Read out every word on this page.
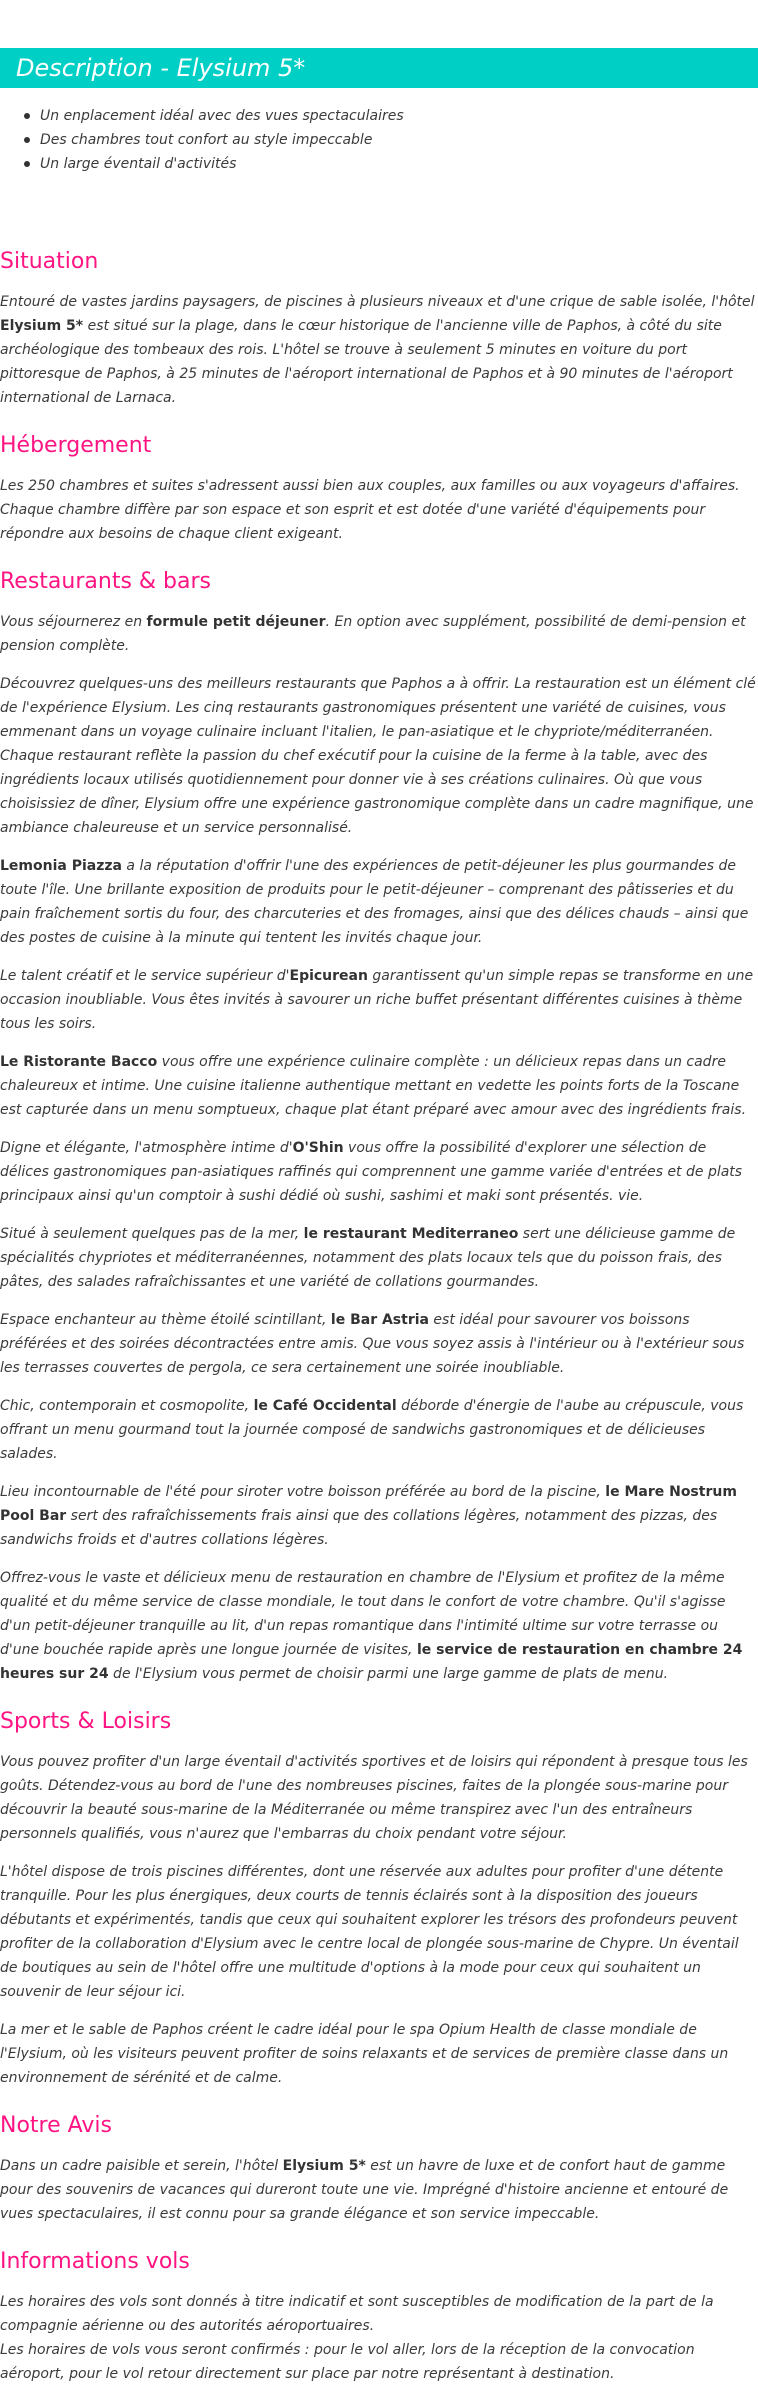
Description - Elysium 5*
Un enplacement idéal avec des vues spectaculaires
Des chambres tout confort au style impeccable
Un large éventail d'activités
Situation

Entouré de vastes jardins paysagers, de piscines à plusieurs niveaux et d'une crique de sable isolée, l'hôtel Elysium 5* est situé sur la plage, dans le cœur historique de l'ancienne ville de Paphos, à côté du site archéologique des tombeaux des rois. L'hôtel se trouve à seulement 5 minutes en voiture du port pittoresque de Paphos, à 25 minutes de l'aéroport international de Paphos et à 90 minutes de l'aéroport international de Larnaca.

Hébergement

Les 250 chambres et suites s'adressent aussi bien aux couples, aux familles ou aux voyageurs d'affaires. Chaque chambre diffère par son espace et son esprit et est dotée d'une variété d'équipements pour répondre aux besoins de chaque client exigeant.

Restaurants & bars

Vous séjournerez en formule petit déjeuner. En option avec supplément, possibilité de demi-pension et pension complète.

Découvrez quelques-uns des meilleurs restaurants que Paphos a à offrir. La restauration est un élément clé de l'expérience Elysium. Les cinq restaurants gastronomiques présentent une variété de cuisines, vous emmenant dans un voyage culinaire incluant l'italien, le pan-asiatique et le chypriote/méditerranéen. Chaque restaurant reflète la passion du chef exécutif pour la cuisine de la ferme à la table, avec des ingrédients locaux utilisés quotidiennement pour donner vie à ses créations culinaires. Où que vous choisissiez de dîner, Elysium offre une expérience gastronomique complète dans un cadre magnifique, une ambiance chaleureuse et un service personnalisé.

Lemonia Piazza a la réputation d'offrir l'une des expériences de petit-déjeuner les plus gourmandes de toute l'île. Une brillante exposition de produits pour le petit-déjeuner – comprenant des pâtisseries et du pain fraîchement sortis du four, des charcuteries et des fromages, ainsi que des délices chauds – ainsi que des postes de cuisine à la minute qui tentent les invités chaque jour.

Le talent créatif et le service supérieur d'Epicurean garantissent qu'un simple repas se transforme en une occasion inoubliable. Vous êtes invités à savourer un riche buffet présentant différentes cuisines à thème tous les soirs.

Le Ristorante Bacco vous offre une expérience culinaire complète : un délicieux repas dans un cadre chaleureux et intime. Une cuisine italienne authentique mettant en vedette les points forts de la Toscane est capturée dans un menu somptueux, chaque plat étant préparé avec amour avec des ingrédients frais.

Digne et élégante, l'atmosphère intime d'O'Shin vous offre la possibilité d'explorer une sélection de délices gastronomiques pan-asiatiques raffinés qui comprennent une gamme variée d'entrées et de plats principaux ainsi qu'un comptoir à sushi dédié où sushi, sashimi et maki sont présentés. vie.

Situé à seulement quelques pas de la mer, le restaurant Mediterraneo sert une délicieuse gamme de spécialités chypriotes et méditerranéennes, notamment des plats locaux tels que du poisson frais, des pâtes, des salades rafraîchissantes et une variété de collations gourmandes.

Espace enchanteur au thème étoilé scintillant, le Bar Astria est idéal pour savourer vos boissons préférées et des soirées décontractées entre amis. Que vous soyez assis à l'intérieur ou à l'extérieur sous les terrasses couvertes de pergola, ce sera certainement une soirée inoubliable.

Chic, contemporain et cosmopolite, le Café Occidental déborde d'énergie de l'aube au crépuscule, vous offrant un menu gourmand tout la journée composé de sandwichs gastronomiques et de délicieuses salades.

Lieu incontournable de l'été pour siroter votre boisson préférée au bord de la piscine, le Mare Nostrum Pool Bar sert des rafraîchissements frais ainsi que des collations légères, notamment des pizzas, des sandwichs froids et d'autres collations légères.

Offrez-vous le vaste et délicieux menu de restauration en chambre de l'Elysium et profitez de la même qualité et du même service de classe mondiale, le tout dans le confort de votre chambre. Qu'il s'agisse d'un petit-déjeuner tranquille au lit, d'un repas romantique dans l'intimité ultime sur votre terrasse ou d'une bouchée rapide après une longue journée de visites, le service de restauration en chambre 24 heures sur 24 de l'Elysium vous permet de choisir parmi une large gamme de plats de menu.

Sports & Loisirs

Vous pouvez profiter d'un large éventail d'activités sportives et de loisirs qui répondent à presque tous les goûts. Détendez-vous au bord de l'une des nombreuses piscines, faites de la plongée sous-marine pour découvrir la beauté sous-marine de la Méditerranée ou même transpirez avec l'un des entraîneurs personnels qualifiés, vous n'aurez que l'embarras du choix pendant votre séjour.

L'hôtel dispose de trois piscines différentes, dont une réservée aux adultes pour profiter d'une détente tranquille. Pour les plus énergiques, deux courts de tennis éclairés sont à la disposition des joueurs débutants et expérimentés, tandis que ceux qui souhaitent explorer les trésors des profondeurs peuvent profiter de la collaboration d'Elysium avec le centre local de plongée sous-marine de Chypre. Un éventail de boutiques au sein de l'hôtel offre une multitude d'options à la mode pour ceux qui souhaitent un souvenir de leur séjour ici.

La mer et le sable de Paphos créent le cadre idéal pour le spa Opium Health de classe mondiale de l'Elysium, où les visiteurs peuvent profiter de soins relaxants et de services de première classe dans un environnement de sérénité et de calme.

Notre Avis

Dans un cadre paisible et serein, l'hôtel Elysium 5* est un havre de luxe et de confort haut de gamme pour des souvenirs de vacances qui dureront toute une vie. Imprégné d'histoire ancienne et entouré de vues spectaculaires, il est connu pour sa grande élégance et son service impeccable.

Informations vols

Les horaires des vols sont donnés à titre indicatif et sont susceptibles de modification de la part de la compagnie aérienne ou des autorités aéroportuaires.
Les horaires de vols vous seront confirmés : pour le vol aller, lors de la réception de la convocation aéroport, pour le vol retour directement sur place par notre représentant à destination.
